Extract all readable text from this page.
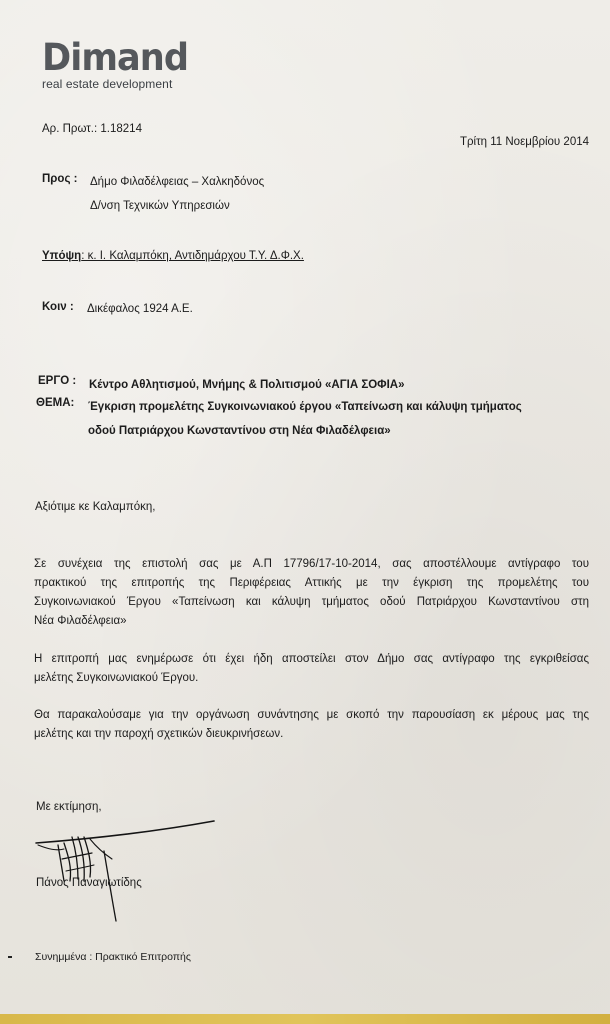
Dimand
real estate development
Αρ. Πρωτ.: 1.18214
Τρίτη 11 Νοεμβρίου 2014
Προς : Δήμο Φιλαδέλφειας – Χαλκηδόνος
Δ/νση Τεχνικών Υπηρεσιών
Υπόψη: κ. Ι. Καλαμπόκη, Αντιδημάρχου Τ.Υ. Δ.Φ.Χ.
Κοιν : Δικέφαλος 1924 Α.Ε.
ΕΡΓΟ : Κέντρο Αθλητισμού, Μνήμης & Πολιτισμού «ΑΓΙΑ ΣΟΦΙΑ»
ΘΕΜΑ: Έγκριση προμελέτης Συγκοινωνιακού έργου «Ταπείνωση και κάλυψη τμήματος
οδού Πατριάρχου Κωνσταντίνου στη Νέα Φιλαδέλφεια»
Αξιότιμε κε Καλαμπόκη,
Σε συνέχεια της επιστολή σας με Α.Π 17796/17-10-2014, σας αποστέλλουμε αντίγραφο του
πρακτικού της επιτροπής της Περιφέρειας Αττικής με την έγκριση της προμελέτης του
Συγκοινωνιακού Έργου «Ταπείνωση και κάλυψη τμήματος οδού Πατριάρχου Κωνσταντίνου στη
Νέα Φιλαδέλφεια»
Η επιτροπή μας ενημέρωσε ότι έχει ήδη αποστείλει στον Δήμο σας αντίγραφο της εγκριθείσας
μελέτης Συγκοινωνιακού Έργου.
Θα παρακαλούσαμε για την οργάνωση συνάντησης με σκοπό την παρουσίαση εκ μέρους μας της
μελέτης και την παροχή σχετικών διευκρινήσεων.
Με εκτίμηση,
Πάνος Παναγιωτίδης
Συνημμένα : Πρακτικό Επιτροπής
